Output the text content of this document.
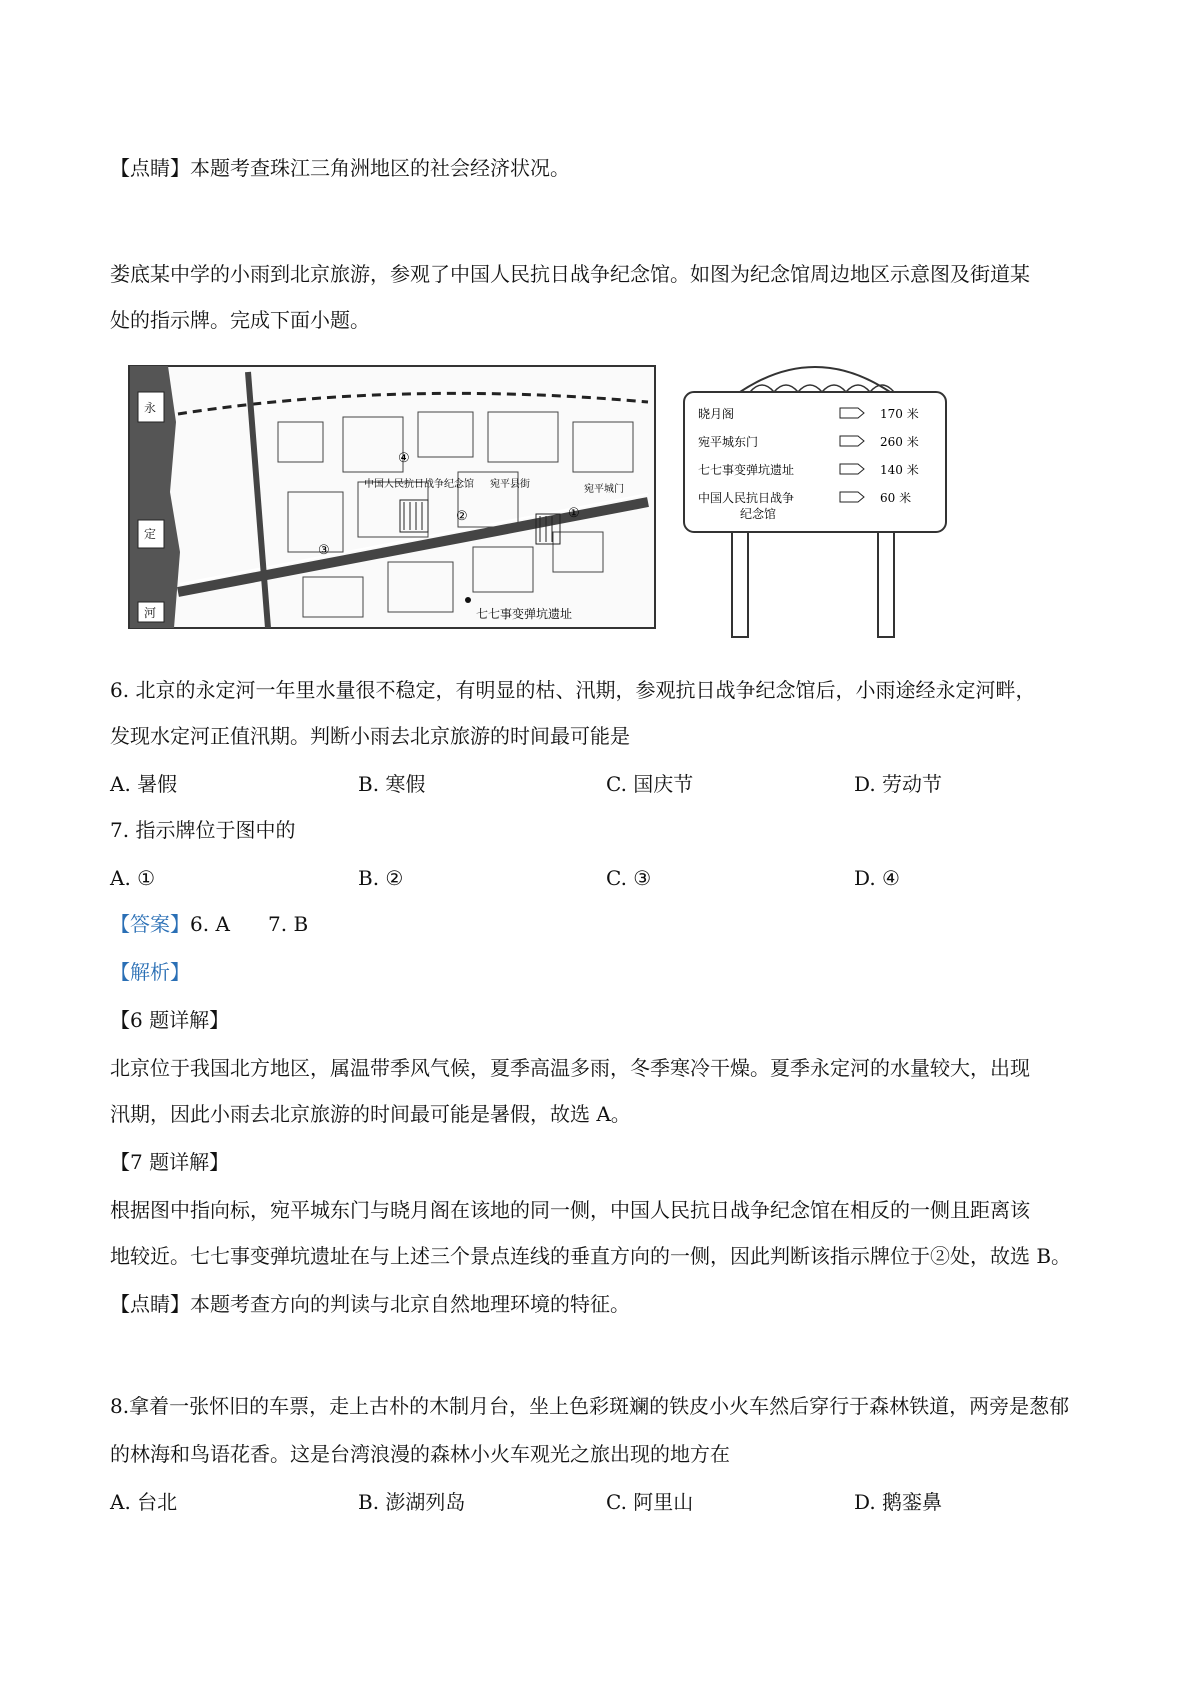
【点睛】本题考查珠江三角洲地区的社会经济状况。
娄底某中学的小雨到北京旅游，参观了中国人民抗日战争纪念馆。如图为纪念馆周边地区示意图及街道某
处的指示牌。完成下面小题。
①
②
③
④
中国人民抗日战争纪念馆 宛平县街	宛平城门
七七事变弹坑遗址
永
定
河
晓月阁	170 米
宛平城东门	260 米
七七事变弹坑遗址	140 米
中国人民抗日战争	60 米
纪念馆
6. 北京的永定河一年里水量很不稳定，有明显的枯、汛期，参观抗日战争纪念馆后，小雨途经永定河畔，
发现水定河正值汛期。判断小雨去北京旅游的时间最可能是
A. 暑假	B. 寒假	C. 国庆节	D. 劳动节
7. 指示牌位于图中的
A. ①	B. ②	C. ③	D. ④
【答案】6. A      7. B
【解析】
【6 题详解】
北京位于我国北方地区，属温带季风气候，夏季高温多雨，冬季寒冷干燥。夏季永定河的水量较大，出现
汛期，因此小雨去北京旅游的时间最可能是暑假，故选 A。
【7 题详解】
根据图中指向标，宛平城东门与晓月阁在该地的同一侧，中国人民抗日战争纪念馆在相反的一侧且距离该
地较近。七七事变弹坑遗址在与上述三个景点连线的垂直方向的一侧，因此判断该指示牌位于②处，故选 B。
【点睛】本题考查方向的判读与北京自然地理环境的特征。
8.拿着一张怀旧的车票，走上古朴的木制月台，坐上色彩斑斓的铁皮小火车然后穿行于森林铁道，两旁是葱郁
的林海和鸟语花香。这是台湾浪漫的森林小火车观光之旅出现的地方在
A. 台北	B. 澎湖列岛	C. 阿里山	D. 鹅銮鼻
